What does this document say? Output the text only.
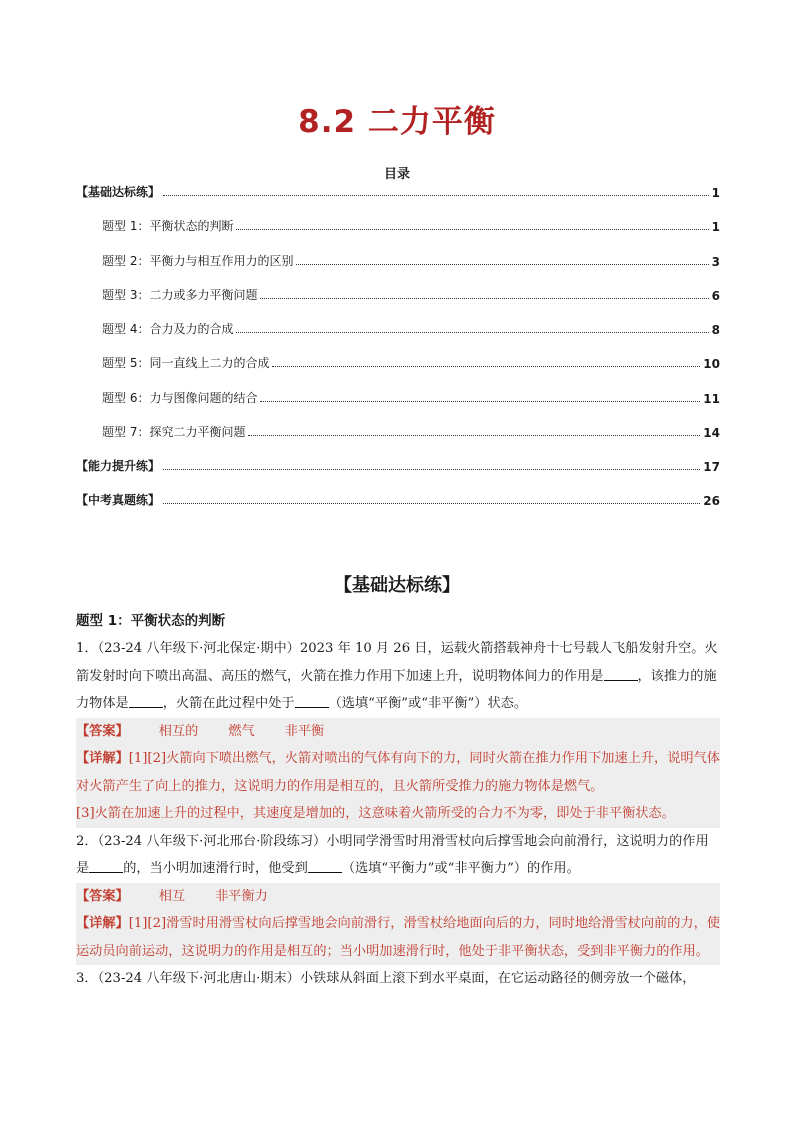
8.2 二力平衡
目录
【基础达标练】	1
题型 1：平衡状态的判断	1
题型 2：平衡力与相互作用力的区别	3
题型 3：二力或多力平衡问题	6
题型 4：合力及力的合成	8
题型 5：同一直线上二力的合成	10
题型 6：力与图像问题的结合	11
题型 7：探究二力平衡问题	14
【能力提升练】	17
【中考真题练】	26
【基础达标练】
题型 1：平衡状态的判断

1．（23-24 八年级下·河北保定·期中）2023 年 10 月 26 日，运载火箭搭载神舟十七号载人飞船发射升空。火箭发射时向下喷出高温、高压的燃气，火箭在推力作用下加速上升，说明物体间力的作用是	，该推力的施力物体是	，火箭在此过程中处于	（选填“平衡”或“非平衡”）状态。

【答案】 相互的 燃气 非平衡
【详解】[1][2]火箭向下喷出燃气，火箭对喷出的气体有向下的力，同时火箭在推力作用下加速上升，说明气体对火箭产生了向上的推力，这说明力的作用是相互的，且火箭所受推力的施力物体是燃气。
[3]火箭在加速上升的过程中，其速度是增加的，这意味着火箭所受的合力不为零，即处于非平衡状态。

2．（23-24 八年级下·河北邢台·阶段练习）小明同学滑雪时用滑雪杖向后撑雪地会向前滑行，这说明力的作用是	的，当小明加速滑行时，他受到	（选填“平衡力”或“非平衡力”）的作用。

【答案】 相互 非平衡力
【详解】[1][2]滑雪时用滑雪杖向后撑雪地会向前滑行，滑雪杖给地面向后的力，同时地给滑雪杖向前的力，使运动员向前运动，这说明力的作用是相互的；当小明加速滑行时，他处于非平衡状态，受到非平衡力的作用。

3．（23-24 八年级下·河北唐山·期末）小铁球从斜面上滚下到水平桌面，在它运动路径的侧旁放一个磁体，
